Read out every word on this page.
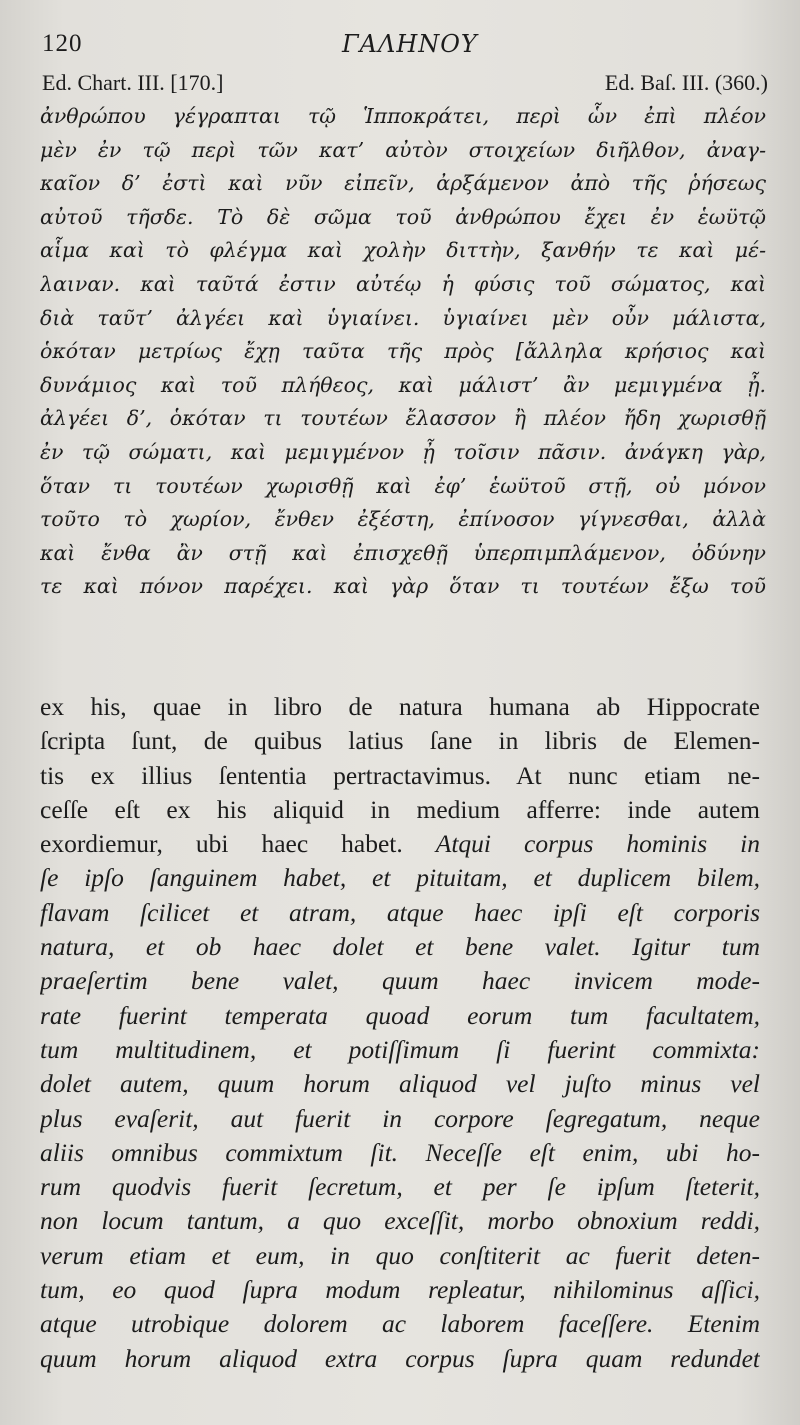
120	ΓΑΛΗΝΟΥ
Ed. Chart. III. [170.]	Ed. Baſ. III. (360.)
ἀνθρώπου γέγραπται τῷ Ἱπποκράτει, περὶ ὧν ἐπὶ πλέον
μὲν ἐν τῷ περὶ τῶν κατ’ αὐτὸν στοιχείων διῆλθον, ἀναγ-
καῖον δ’ ἐστὶ καὶ νῦν εἰπεῖν, ἀρξάμενον ἀπὸ τῆς ῥήσεως
αὐτοῦ τῆσδε. Τὸ δὲ σῶμα τοῦ ἀνθρώπου ἔχει ἐν ἑωϋτῷ
αἷμα καὶ τὸ φλέγμα καὶ χολὴν διττὴν, ξανθήν τε καὶ μέ-
λαιναν. καὶ ταῦτά ἐστιν αὐτέῳ ἡ φύσις τοῦ σώματος, καὶ
διὰ ταῦτ’ ἀλγέει καὶ ὑγιαίνει. ὑγιαίνει μὲν οὖν μάλιστα,
ὁκόταν μετρίως ἔχῃ ταῦτα τῆς πρὸς [ἄλληλα κρήσιος καὶ
δυνάμιος καὶ τοῦ πλήθεος, καὶ μάλιστ’ ἂν μεμιγμένα ᾖ.
ἀλγέει δ’, ὁκόταν τι τουτέων ἔλασσον ἢ πλέον ἤδη χωρισθῇ
ἐν τῷ σώματι, καὶ μεμιγμένον ᾖ τοῖσιν πᾶσιν. ἀνάγκη γὰρ,
ὅταν τι τουτέων χωρισθῇ καὶ ἐφ’ ἑωϋτοῦ στῇ, οὐ μόνον
τοῦτο τὸ χωρίον, ἔνθεν ἐξέστη, ἐπίνοσον γίγνεσθαι, ἀλλὰ
καὶ ἔνθα ἂν στῇ καὶ ἐπισχεθῇ ὑπερπιμπλάμενον, ὀδύνην
τε καὶ πόνον παρέχει. καὶ γὰρ ὅταν τι τουτέων ἔξω τοῦ
ex his, quae in libro de natura humana ab Hippocrate
ſcripta ſunt, de quibus latius ſane in libris de Elemen-
tis ex illius ſententia pertractavimus. At nunc etiam ne-
ceſſe eſt ex his aliquid in medium afferre: inde autem
exordiemur, ubi haec habet. Atqui corpus hominis in
ſe ipſo ſanguinem habet, et pituitam, et duplicem bilem,
flavam ſcilicet et atram, atque haec ipſi eſt corporis
natura, et ob haec dolet et bene valet. Igitur tum
praeſertim bene valet, quum haec invicem mode-
rate fuerint temperata quoad eorum tum facultatem,
tum multitudinem, et potiſſimum ſi fuerint commixta:
dolet autem, quum horum aliquod vel juſto minus vel
plus evaſerit, aut fuerit in corpore ſegregatum, neque
aliis omnibus commixtum ſit. Neceſſe eſt enim, ubi ho-
rum quodvis fuerit ſecretum, et per ſe ipſum ſteterit,
non locum tantum, a quo exceſſit, morbo obnoxium reddi,
verum etiam et eum, in quo conſtiterit ac fuerit deten-
tum, eo quod ſupra modum repleatur, nihilominus aſſici,
atque utrobique dolorem ac laborem faceſſere. Etenim
quum horum aliquod extra corpus ſupra quam redundet
